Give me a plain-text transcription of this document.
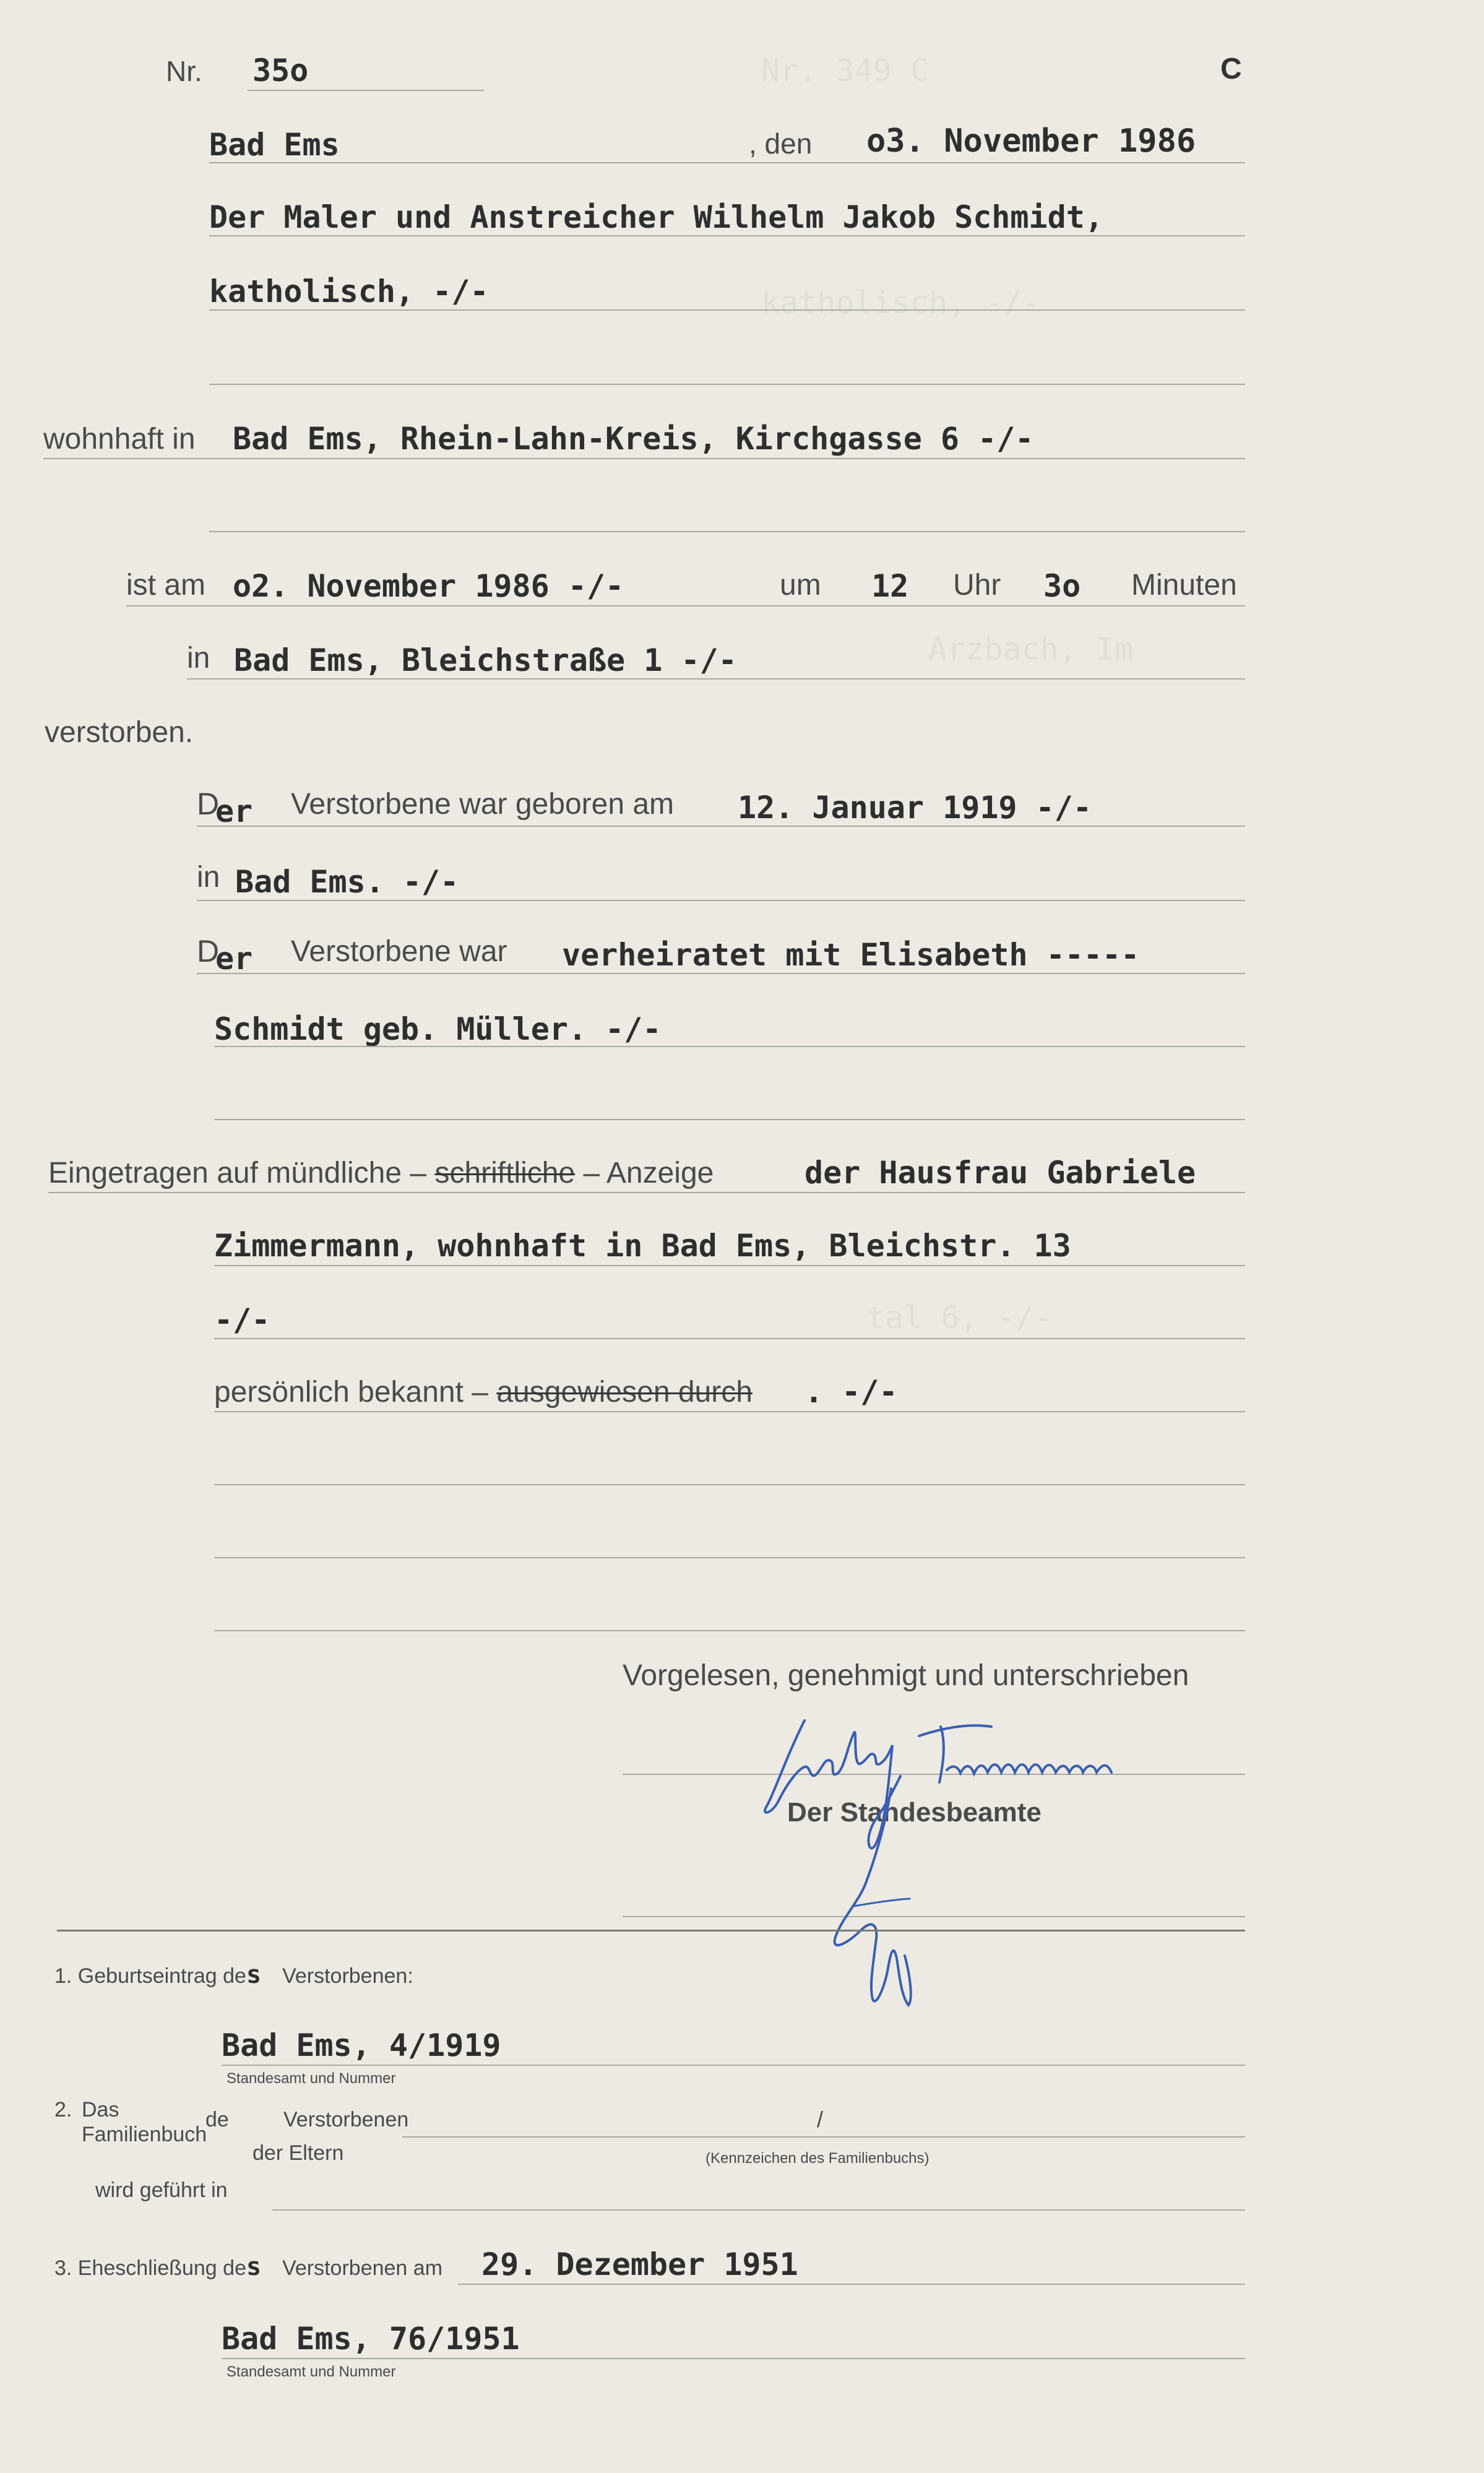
Nr. 349 C
katholisch, -/-
Arzbach, Im
tal 6, -/-
Nr. 35o	C
Bad Ems	, den o3. November 1986
Der Maler und Anstreicher Wilhelm Jakob Schmidt,
katholisch, -/-
wohnhaft in Bad Ems, Rhein-Lahn-Kreis, Kirchgasse 6 -/-
ist am o2. November 1986 -/-	um 12 Uhr 3o Minuten
in Bad Ems, Bleichstraße 1 -/-
verstorben.
D
er Verstorbene war geboren am 12. Januar 1919 -/-
in Bad Ems. -/-
D
er Verstorbene war verheiratet mit Elisabeth -----
Schmidt geb. Müller. -/-
Eingetragen auf mündliche – schriftliche – Anzeige	der Hausfrau Gabriele
Zimmermann, wohnhaft in Bad Ems, Bleichstr. 13
-/-
persönlich bekannt – ausgewiesen durch . -/-
Vorgelesen, genehmigt und unterschrieben
Der Standesbeamte
1. Geburtseintrag des Verstorbenen:
Bad Ems, 4/1919
Standesamt und Nummer
2. Das
Familienbuch
de	Verstorbenen
der Eltern
/
(Kennzeichen des Familienbuchs)
wird geführt in
3. Eheschließung des Verstorbenen am 29. Dezember 1951
Bad Ems, 76/1951
Standesamt und Nummer
